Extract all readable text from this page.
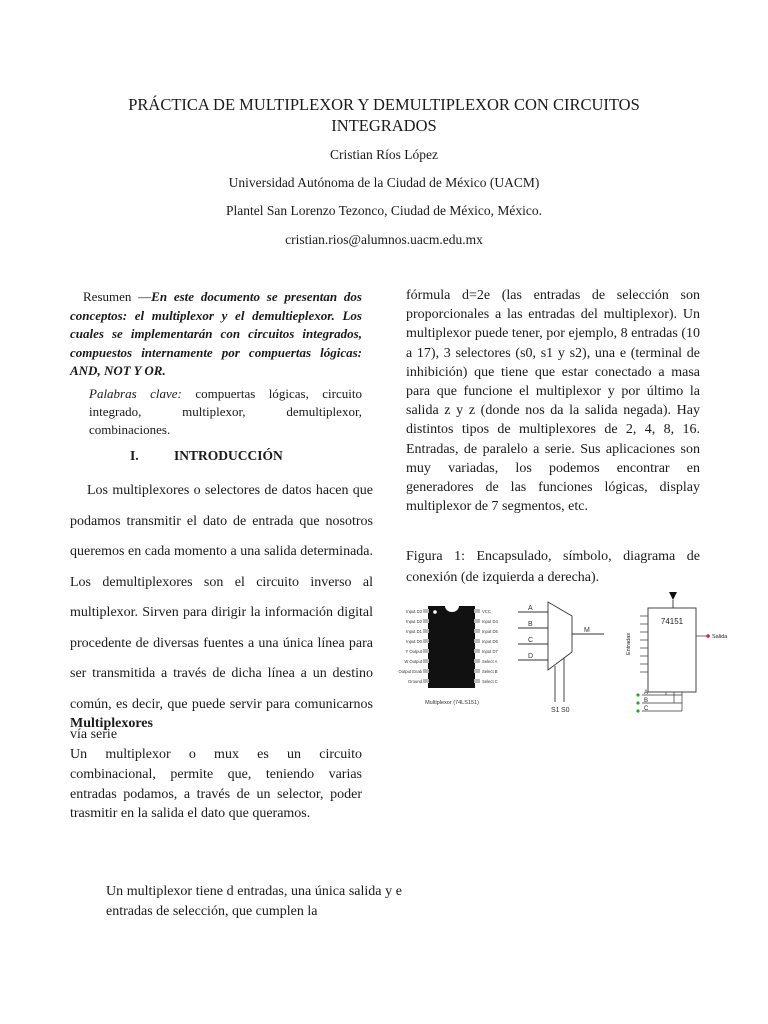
PRÁCTICA DE MULTIPLEXOR Y DEMULTIPLEXOR CON CIRCUITOS
INTEGRADOS
Cristian Ríos López
Universidad Autónoma de la Ciudad de México (UACM)
Plantel San Lorenzo Tezonco, Ciudad de México, México.
cristian.rios@alumnos.uacm.edu.mx
Resumen —En este documento se presentan dos conceptos: el multiplexor y el demultieplexor. Los cuales se implementarán con circuitos integrados, compuestos internamente por compuertas lógicas: AND, NOT Y OR.
Palabras clave: compuertas lógicas, circuito integrado, multiplexor, demultiplexor, combinaciones.
I.	INTRODUCCIÓN
Los multiplexores o selectores de datos hacen que podamos transmitir el dato de entrada que nosotros queremos en cada momento a una salida determinada. Los demultiplexores son el circuito inverso al multiplexor. Sirven para dirigir la información digital procedente de diversas fuentes a una única línea para ser transmitida a través de dicha línea a un destino común, es decir, que puede servir para comunicarnos vía serie
Multiplexores
Un multiplexor o mux es un circuito combinacional, permite que, teniendo varias entradas podamos, a través de un selector, poder trasmitir en la salida el dato que queramos.
Un multiplexor tiene d entradas, una única salida y e entradas de selección, que cumplen la
fórmula d=2e (las entradas de selección son proporcionales a las entradas del multiplexor). Un multiplexor puede tener, por ejemplo, 8 entradas (10 a 17), 3 selectores (s0, s1 y s2), una e (terminal de inhibición) que tiene que estar conectado a masa para que funcione el multiplexor y por último la salida z y z (donde nos da la salida negada). Hay distintos tipos de multiplexores de 2, 4, 8, 16. Entradas, de paralelo a serie. Sus aplicaciones son muy variadas, los podemos encontrar en generadores de las funciones lógicas, display multiplexor de 7 segmentos, etc.
Figura 1: Encapsulado, símbolo, diagrama de conexión (de izquierda a derecha).
Input D3
Input D2
Input D1
Input D0
Y Output
W Output
Output Enab
Ground
VCC
Input D4
Input D5
Input D6
Input D7
Select A
Select B
Select C
Multiplexor (74LS151)
A
B
C
D
M
S1 S0
74151
Salida
Entradas
A
B
C
